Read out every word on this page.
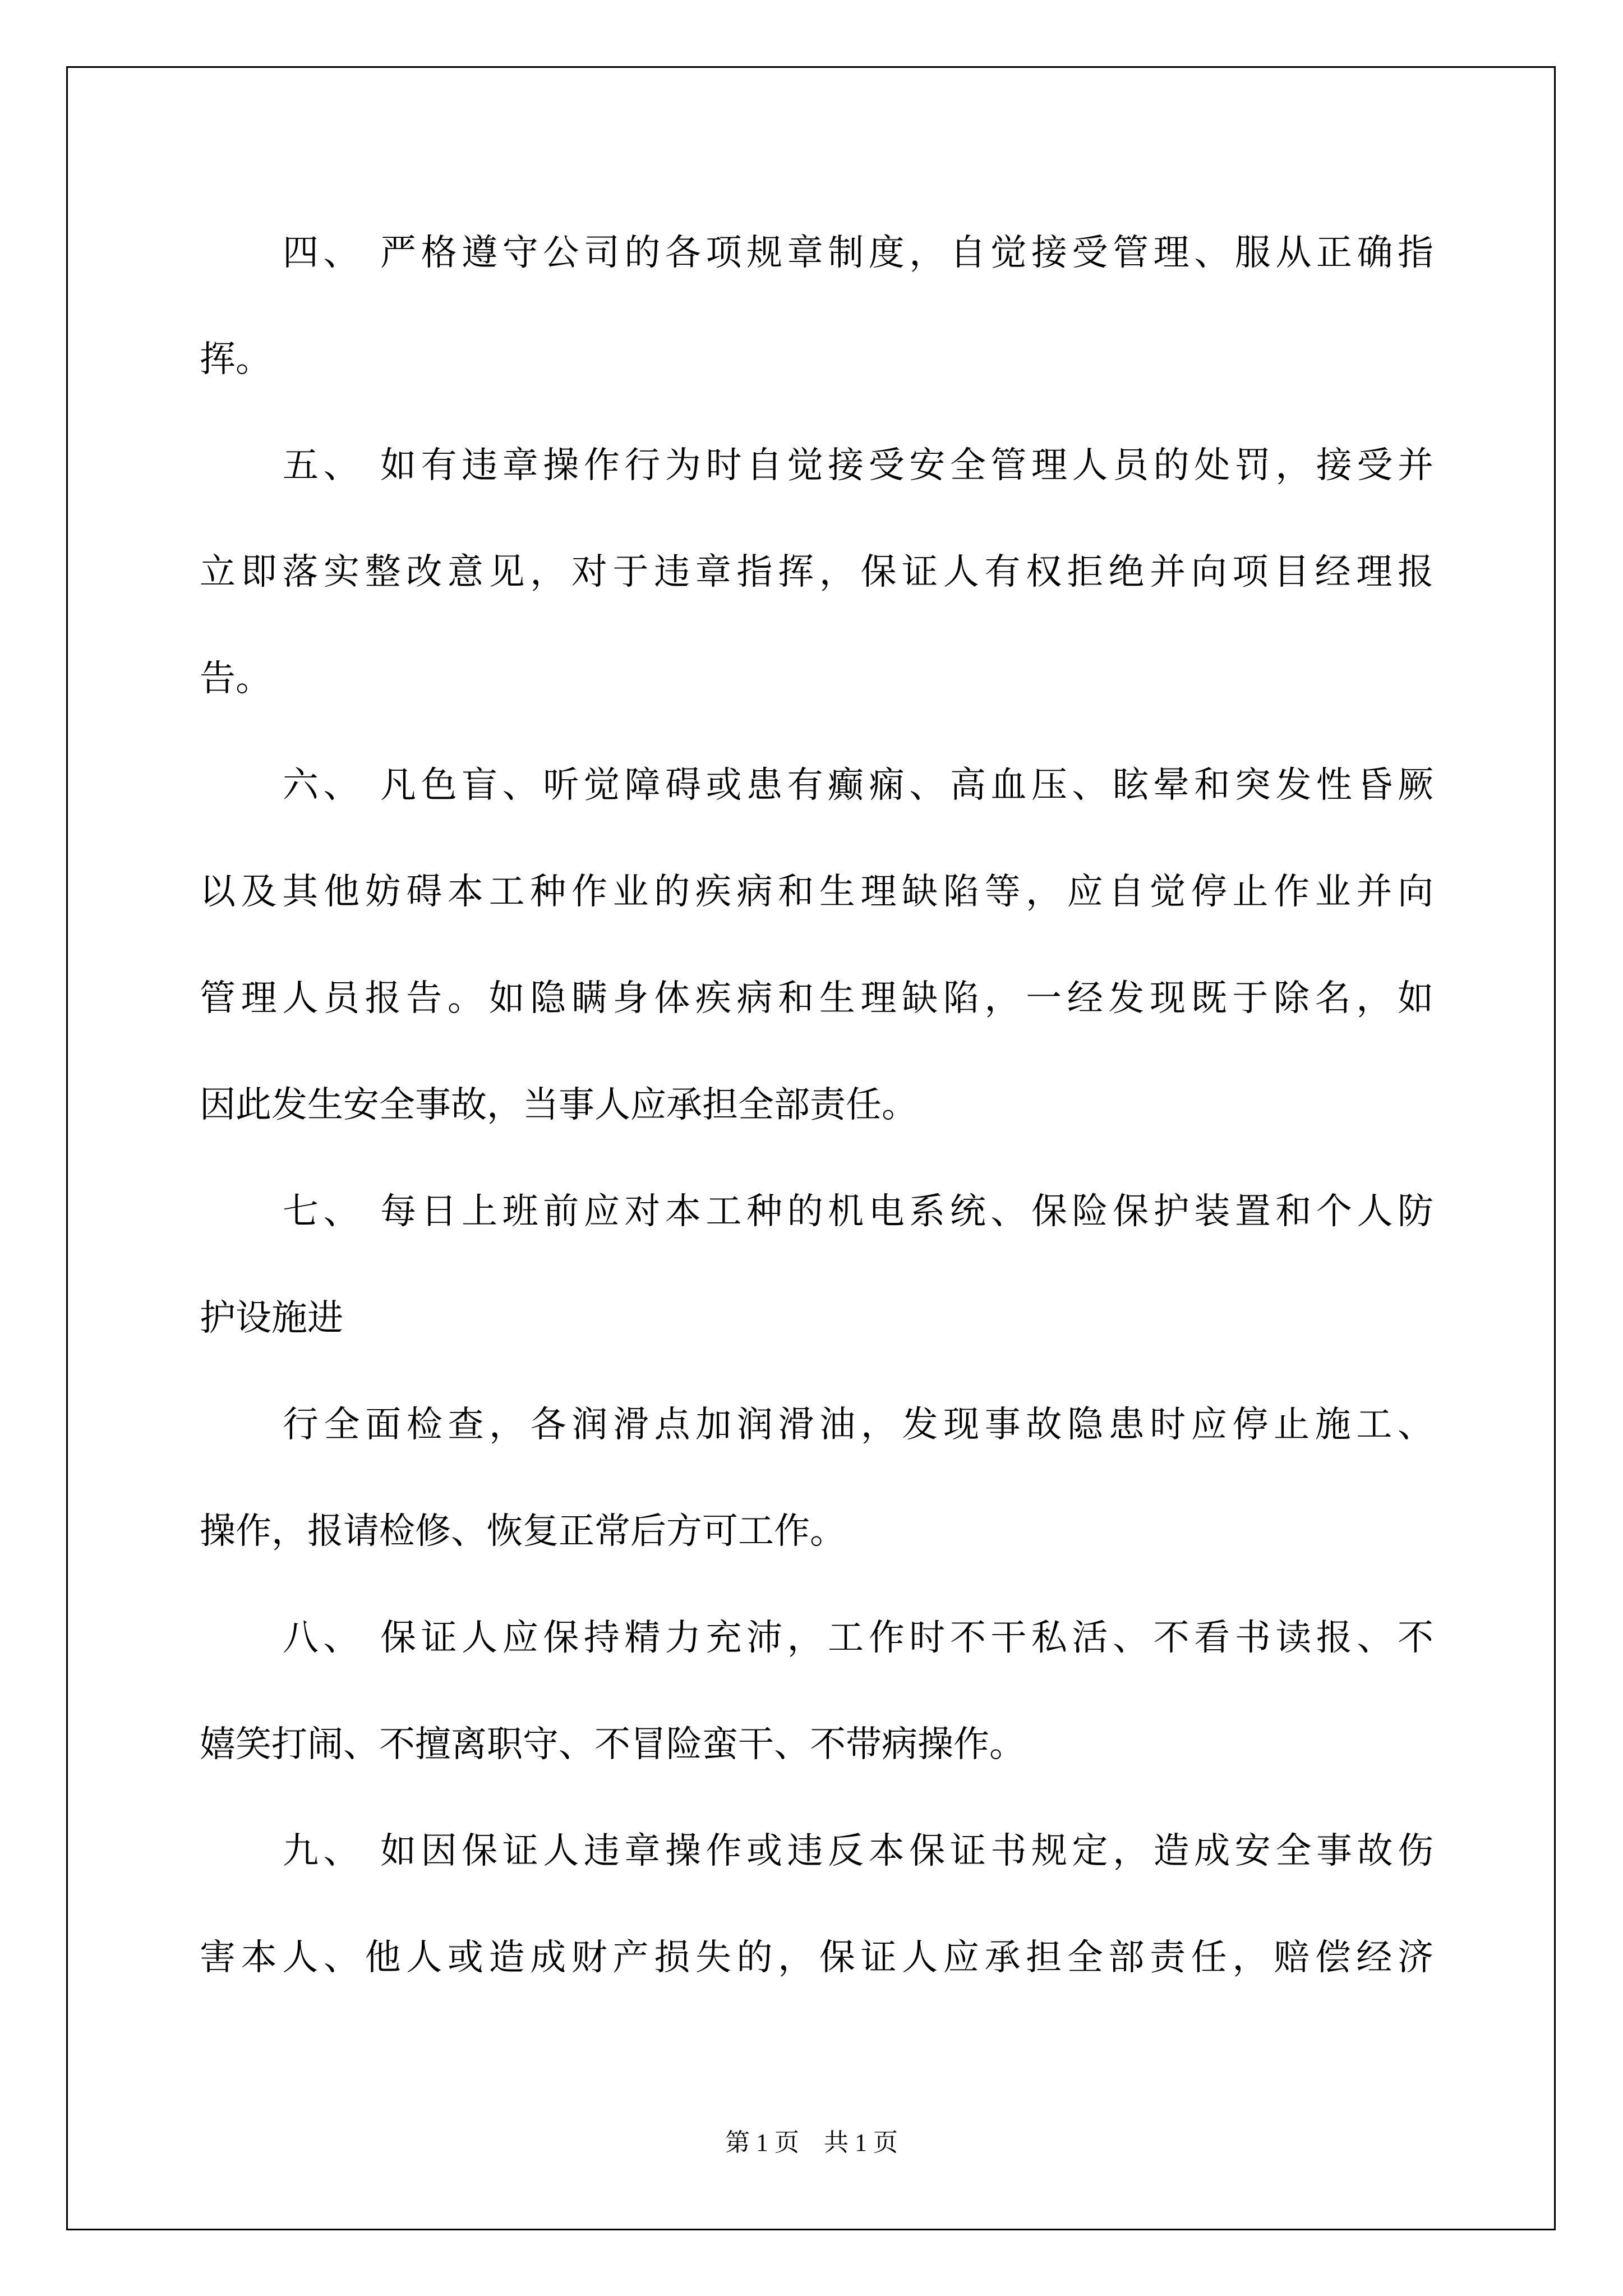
四、 严格遵守公司的各项规章制度，自觉接受管理、服从正确指
挥。
五、 如有违章操作行为时自觉接受安全管理人员的处罚，接受并
立即落实整改意见，对于违章指挥，保证人有权拒绝并向项目经理报
告。
六、 凡色盲、听觉障碍或患有癫痫、高血压、眩晕和突发性昏厥
以及其他妨碍本工种作业的疾病和生理缺陷等，应自觉停止作业并向
管理人员报告。如隐瞒身体疾病和生理缺陷，一经发现既于除名，如
因此发生安全事故，当事人应承担全部责任。
七、 每日上班前应对本工种的机电系统、保险保护装置和个人防
护设施进
行全面检查，各润滑点加润滑油，发现事故隐患时应停止施工、
操作，报请检修、恢复正常后方可工作。
八、 保证人应保持精力充沛，工作时不干私活、不看书读报、不
嬉笑打闹、不擅离职守、不冒险蛮干、不带病操作。
九、 如因保证人违章操作或违反本保证书规定，造成安全事故伤
害本人、他人或造成财产损失的，保证人应承担全部责任，赔偿经济
第 1 页    共 1 页
